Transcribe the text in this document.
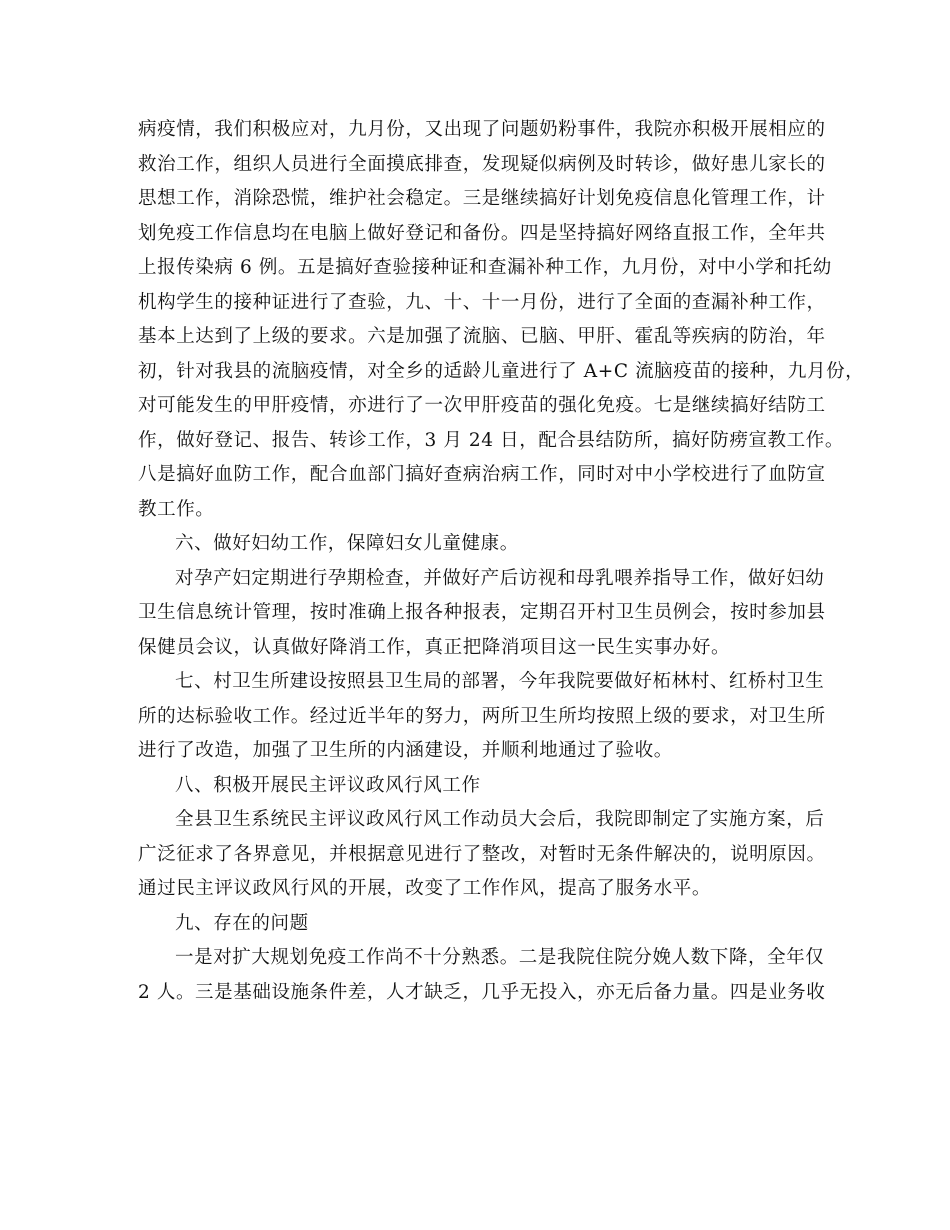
病疫情，我们积极应对，九月份，又出现了问题奶粉事件，我院亦积极开展相应的
救治工作，组织人员进行全面摸底排查，发现疑似病例及时转诊，做好患儿家长的
思想工作，消除恐慌，维护社会稳定。三是继续搞好计划免疫信息化管理工作，计
划免疫工作信息均在电脑上做好登记和备份。四是坚持搞好网络直报工作，全年共
上报传染病 6 例。五是搞好查验接种证和查漏补种工作，九月份，对中小学和托幼
机构学生的接种证进行了查验，九、十、十一月份，进行了全面的查漏补种工作，
基本上达到了上级的要求。六是加强了流脑、已脑、甲肝、霍乱等疾病的防治，年
初，针对我县的流脑疫情，对全乡的适龄儿童进行了 A+C 流脑疫苗的接种，九月份，
对可能发生的甲肝疫情，亦进行了一次甲肝疫苗的强化免疫。七是继续搞好结防工
作，做好登记、报告、转诊工作，3 月 24 日，配合县结防所，搞好防痨宣教工作。
八是搞好血防工作，配合血部门搞好查病治病工作，同时对中小学校进行了血防宣
教工作。
六、做好妇幼工作，保障妇女儿童健康。
对孕产妇定期进行孕期检查，并做好产后访视和母乳喂养指导工作，做好妇幼
卫生信息统计管理，按时准确上报各种报表，定期召开村卫生员例会，按时参加县
保健员会议，认真做好降消工作，真正把降消项目这一民生实事办好。
七、村卫生所建设按照县卫生局的部署，今年我院要做好柘林村、红桥村卫生
所的达标验收工作。经过近半年的努力，两所卫生所均按照上级的要求，对卫生所
进行了改造，加强了卫生所的内涵建设，并顺利地通过了验收。
八、积极开展民主评议政风行风工作
全县卫生系统民主评议政风行风工作动员大会后，我院即制定了实施方案，后
广泛征求了各界意见，并根据意见进行了整改，对暂时无条件解决的，说明原因。
通过民主评议政风行风的开展，改变了工作作风，提高了服务水平。
九、存在的问题
一是对扩大规划免疫工作尚不十分熟悉。二是我院住院分娩人数下降，全年仅
2 人。三是基础设施条件差，人才缺乏，几乎无投入，亦无后备力量。四是业务收
